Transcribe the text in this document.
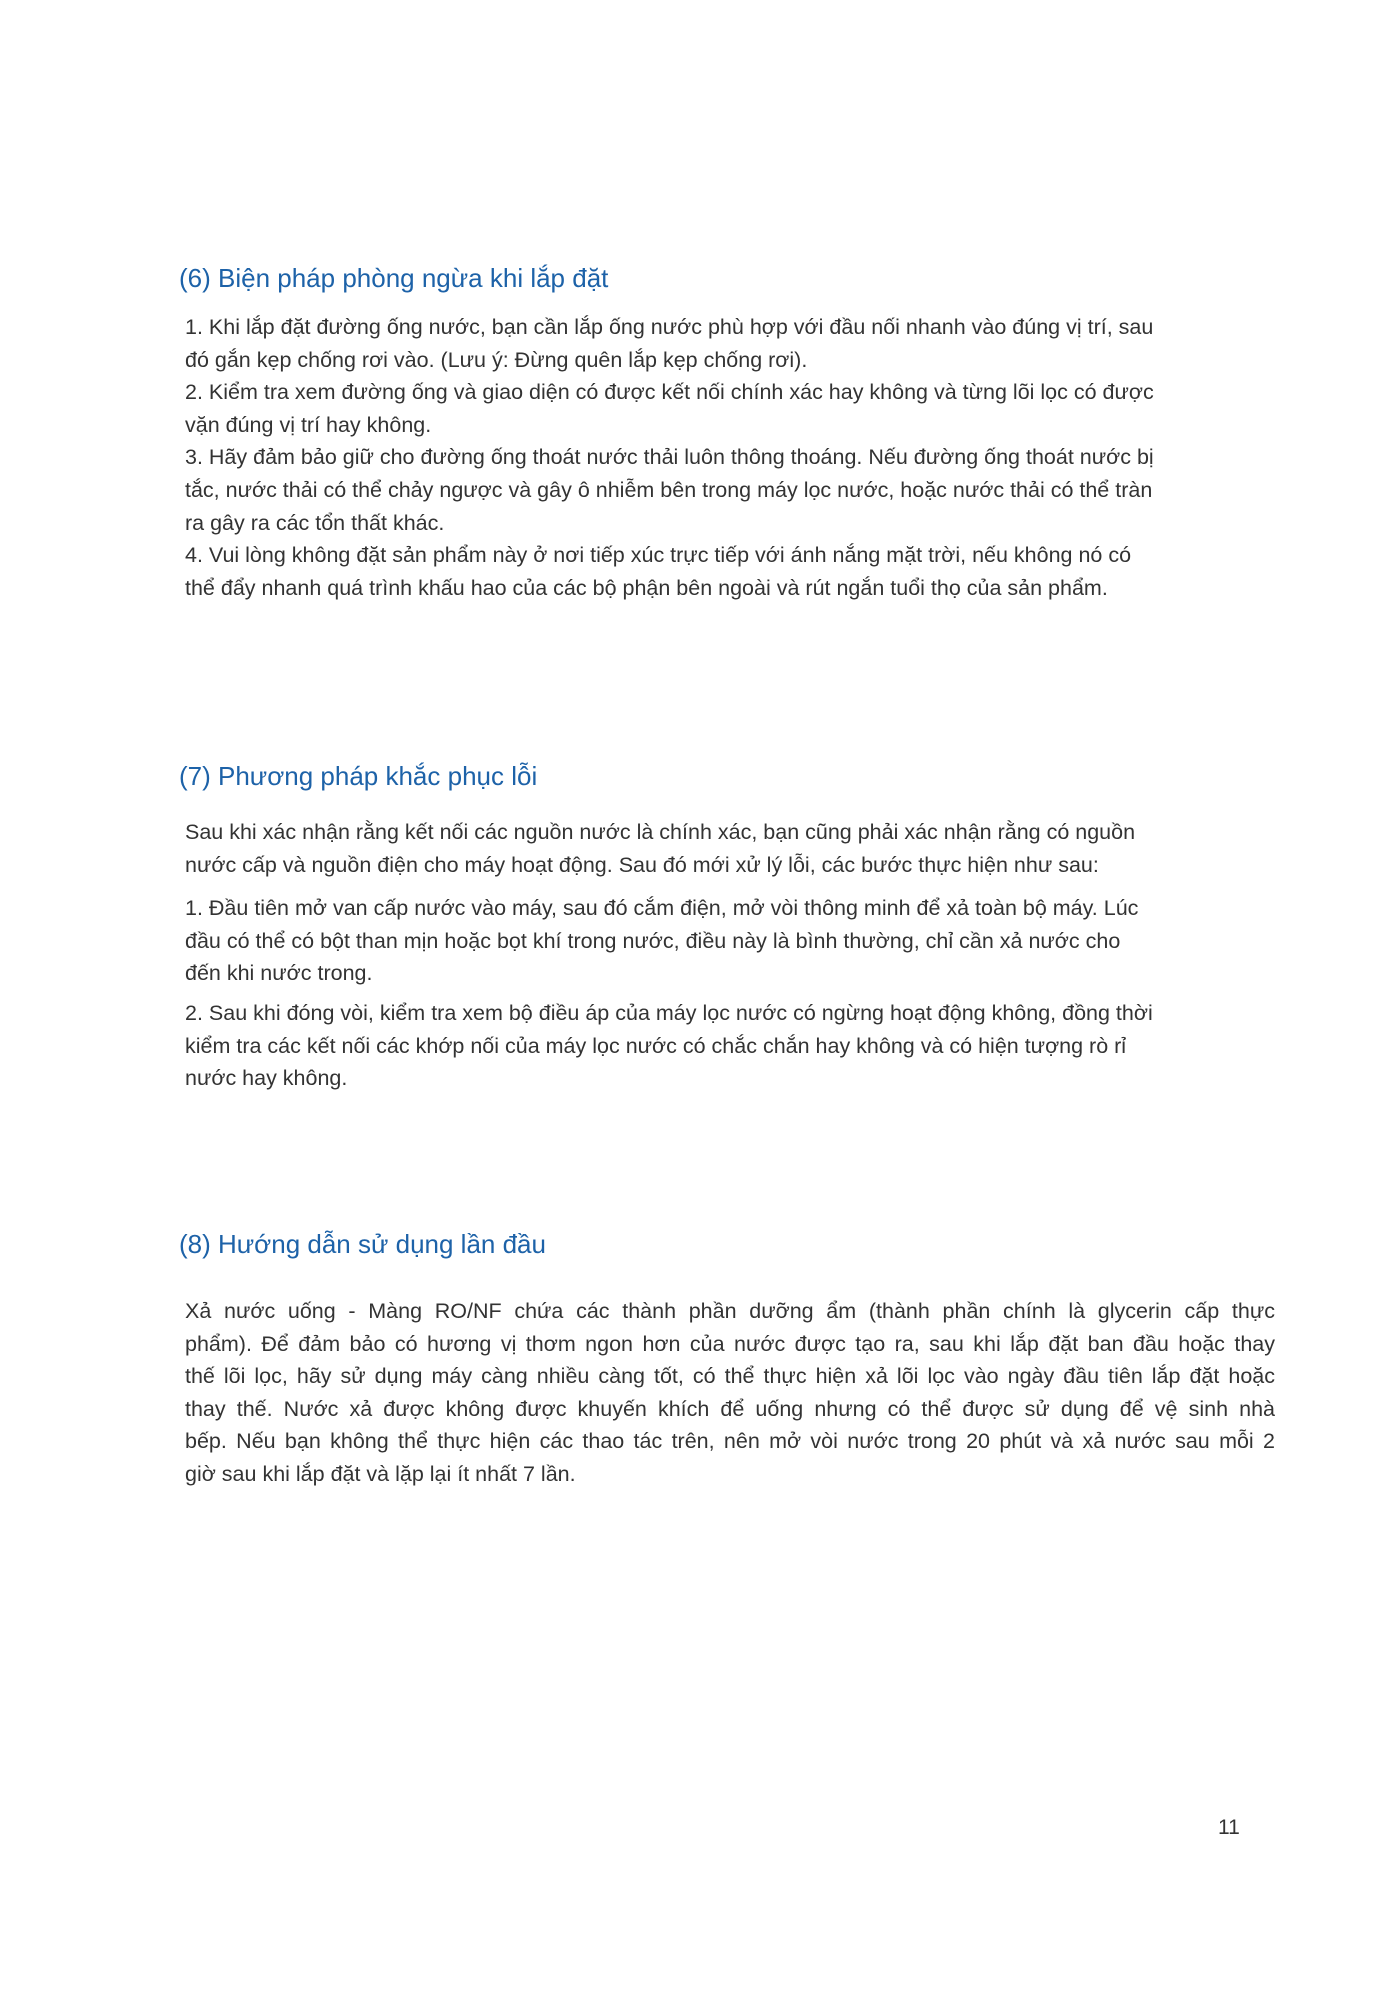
(6) Biện pháp phòng ngừa khi lắp đặt

1. Khi lắp đặt đường ống nước, bạn cần lắp ống nước phù hợp với đầu nối nhanh vào đúng vị trí, sau
đó gắn kẹp chống rơi vào. (Lưu ý: Đừng quên lắp kẹp chống rơi).
2. Kiểm tra xem đường ống và giao diện có được kết nối chính xác hay không và từng lõi lọc có được
vặn đúng vị trí hay không.
3. Hãy đảm bảo giữ cho đường ống thoát nước thải luôn thông thoáng. Nếu đường ống thoát nước bị
tắc, nước thải có thể chảy ngược và gây ô nhiễm bên trong máy lọc nước, hoặc nước thải có thể tràn
ra gây ra các tổn thất khác.
4. Vui lòng không đặt sản phẩm này ở nơi tiếp xúc trực tiếp với ánh nắng mặt trời, nếu không nó có
thể đẩy nhanh quá trình khấu hao của các bộ phận bên ngoài và rút ngắn tuổi thọ của sản phẩm.

(7) Phương pháp khắc phục lỗi

Sau khi xác nhận rằng kết nối các nguồn nước là chính xác, bạn cũng phải xác nhận rằng có nguồn
nước cấp và nguồn điện cho máy hoạt động. Sau đó mới xử lý lỗi, các bước thực hiện như sau:

1. Đầu tiên mở van cấp nước vào máy, sau đó cắm điện, mở vòi thông minh để xả toàn bộ máy. Lúc
đầu có thể có bột than mịn hoặc bọt khí trong nước, điều này là bình thường, chỉ cần xả nước cho
đến khi nước trong.

2. Sau khi đóng vòi, kiểm tra xem bộ điều áp của máy lọc nước có ngừng hoạt động không, đồng thời
kiểm tra các kết nối các khớp nối của máy lọc nước có chắc chắn hay không và có hiện tượng rò rỉ
nước hay không.

(8) Hướng dẫn sử dụng lần đầu

Xả nước uống - Màng RO/NF chứa các thành phần dưỡng ẩm (thành phần chính là glycerin cấp thực
phẩm). Để đảm bảo có hương vị thơm ngon hơn của nước được tạo ra, sau khi lắp đặt ban đầu hoặc thay
thế lõi lọc, hãy sử dụng máy càng nhiều càng tốt, có thể thực hiện xả lõi lọc vào ngày đầu tiên lắp đặt hoặc
thay thế. Nước xả được không được khuyến khích để uống nhưng có thể được sử dụng để vệ sinh nhà
bếp. Nếu bạn không thể thực hiện các thao tác trên, nên mở vòi nước trong 20 phút và xả nước sau mỗi 2
giờ sau khi lắp đặt và lặp lại ít nhất 7 lần.

11
